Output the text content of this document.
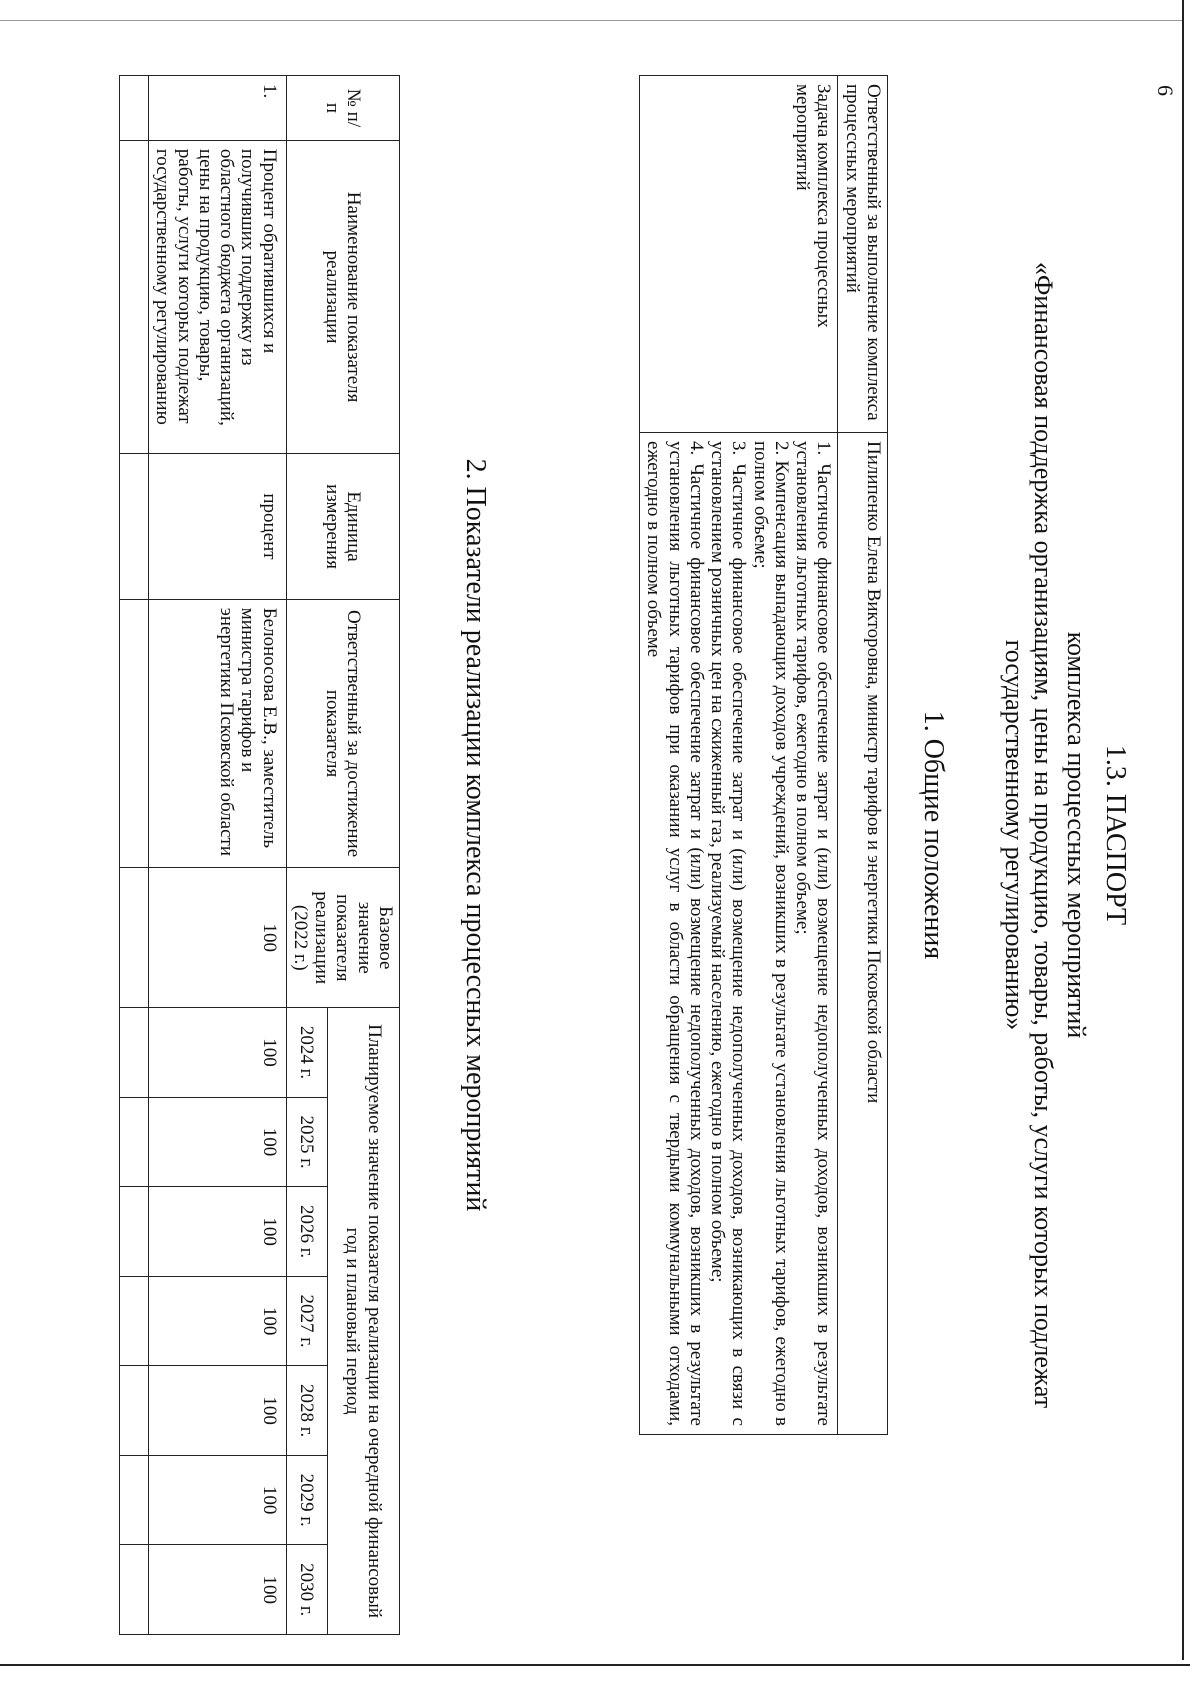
6
1.3. ПАСПОРТ
комплекса процессных мероприятий
«Финансовая поддержка организациям, цены на продукцию, товары, работы, услуги которых подлежат государственному регулированию»
1. Общие положения
Ответственный за выполнение комплекса процессных мероприятий	Пилипенко Елена Викторовна, министр тарифов и энергетики Псковской области
Задача комплекса процессных мероприятий	1. Частичное финансовое обеспечение затрат и (или) возмещение недополученных доходов, возникших в результате установления льготных тарифов, ежегодно в полном объеме;
2. Компенсация выпадающих доходов учреждений, возникших в результате установления льготных тарифов, ежегодно в полном объеме;
3. Частичное финансовое обеспечение затрат и (или) возмещение недополученных доходов, возникающих в связи с установлением розничных цен на сжиженный газ, реализуемый населению, ежегодно в полном объеме;
4. Частичное финансовое обеспечение затрат и (или) возмещение недополученных доходов, возникших в результате установления льготных тарифов при оказании услуг в области обращения с твердыми коммунальными отходами, ежегодно в полном объеме
2. Показатели реализации комплекса процессных мероприятий
№ п/п	Наименование показателя реализации	Единица измерения	Ответственный за достижение показателя	Базовое значение показателя реализации (2022 г.)	Планируемое значение показателя реализации на очередной финансовый год и плановый период						
					2024 г.	2025 г.	2026 г.	2027 г.	2028 г.	2029 г.	2030 г.
1.	Процент обратившихся и получивших поддержку из областного бюджета организаций, цены на продукцию, товары, работы, услуги которых подлежат государственному регулированию	процент	Белоносова Е.В., заместитель министра тарифов и энергетики Псковской области	100	100	100	100	100	100	100	100
